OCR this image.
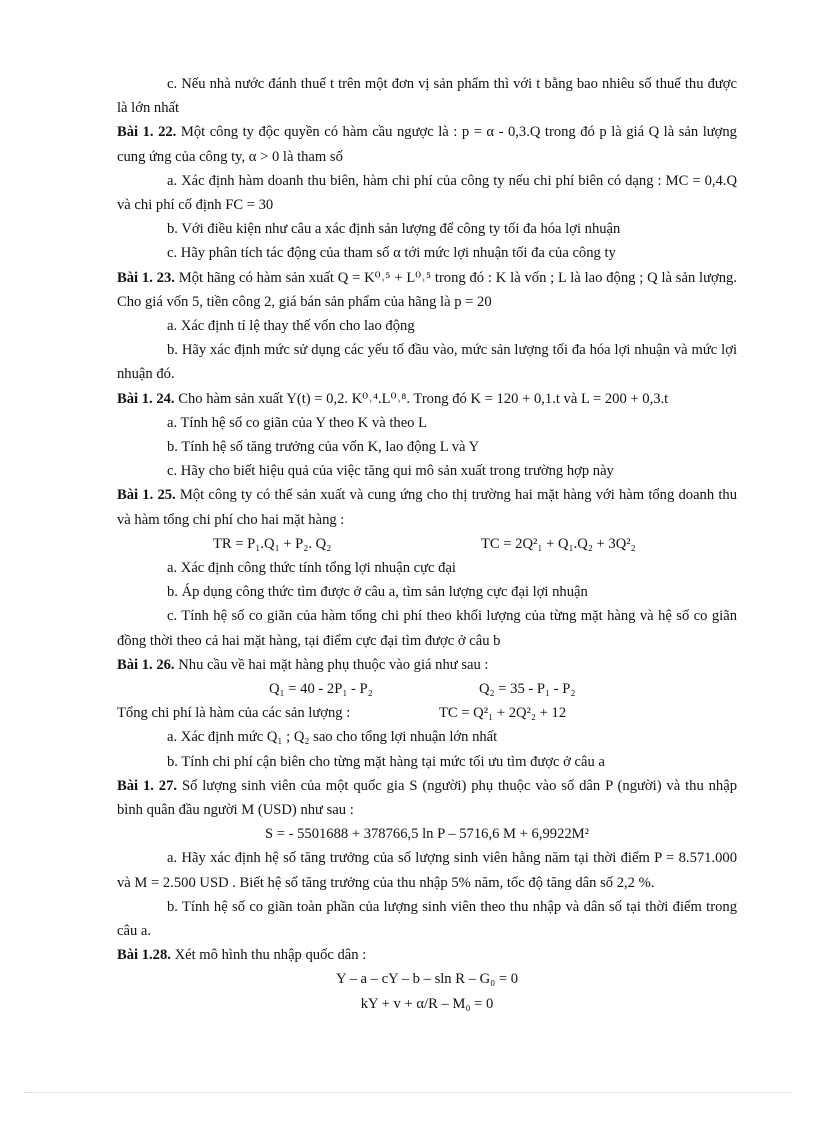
c. Nếu nhà nước đánh thuế t trên một đơn vị sản phẩm thì với t bằng bao nhiêu số thuế thu được là lớn nhất

Bài 1. 22. Một công ty độc quyền có hàm cầu ngược là : p = α - 0,3.Q trong đó p là giá Q là sản lượng cung ứng của công ty, α > 0 là tham số

a. Xác định hàm doanh thu biên, hàm chi phí của công ty nếu chi phí biên có dạng : MC = 0,4.Q và chi phí cố định FC = 30

b. Với điều kiện như câu a xác định sản lượng để công ty tối đa hóa lợi nhuận

c. Hãy phân tích tác động của tham số α tới mức lợi nhuận tối đa của công ty

Bài 1. 23. Một hãng có hàm sản xuất Q = K⁰˒⁵ + L⁰˒⁵ trong đó : K là vốn ; L là lao động ; Q là sản lượng. Cho giá vốn 5, tiền công 2, giá bán sản phẩm của hãng là p = 20

a. Xác định tỉ lệ thay thế vốn cho lao động

b. Hãy xác định mức sử dụng các yếu tố đầu vào, mức sản lượng tối đa hóa lợi nhuận và mức lợi nhuận đó.

Bài 1. 24. Cho hàm sản xuất Y(t) = 0,2. K⁰˒⁴.L⁰˒⁸. Trong đó K = 120 + 0,1.t và L = 200 + 0,3.t

a. Tính hệ số co giãn của Y theo K và theo L

b. Tính hệ số tăng trưởng của vốn K, lao động L và Y

c. Hãy cho biết hiệu quả của việc tăng qui mô sản xuất trong trường hợp này

Bài 1. 25. Một công ty có thể sản xuất và cung ứng cho thị trường hai mặt hàng với hàm tổng doanh thu và hàm tổng chi phí cho hai mặt hàng :

TR = P₁.Q₁ + P₂. Q₂	TC = 2Q²₁ + Q₁.Q₂ + 3Q²₂

a. Xác định công thức tính tổng lợi nhuận cực đại

b. Áp dụng công thức tìm được ở câu a, tìm sản lượng cực đại lợi nhuận

c. Tính hệ số co giãn của hàm tổng chi phí theo khối lượng của từng mặt hàng và hệ số co giãn đồng thời theo cả hai mặt hàng, tại điểm cực đại tìm được ở câu b

Bài 1. 26. Nhu cầu về hai mặt hàng phụ thuộc vào giá như sau :

Q₁ = 40 - 2P₁ - P₂	Q₂ = 35 - P₁ - P₂
Tổng chi phí là hàm của các sản lượng :	TC = Q²₁ + 2Q²₂ + 12

a. Xác định mức Q₁ ; Q₂ sao cho tổng lợi nhuận lớn nhất

b. Tính chi phí cận biên cho từng mặt hàng tại mức tối ưu tìm được ở câu a

Bài 1. 27. Số lượng sinh viên của một quốc gia S (người) phụ thuộc vào số dân P (người) và thu nhập bình quân đầu người M (USD) như sau :

S = - 5501688 + 378766,5 ln P – 5716,6 M + 6,9922M²

a. Hãy xác định hệ số tăng trưởng của số lượng sinh viên hằng năm tại thời điểm P = 8.571.000 và M = 2.500 USD . Biết hệ số tăng trưởng của thu nhập 5% năm, tốc độ tăng dân số 2,2 %.

b. Tính hệ số co giãn toàn phần của lượng sinh viên theo thu nhập và dân số tại thời điểm trong câu a.

Bài 1.28. Xét mô hình thu nhập quốc dân :

Y – a – cY – b – sln R – G₀ = 0

kY + v + α/R – M₀ = 0
